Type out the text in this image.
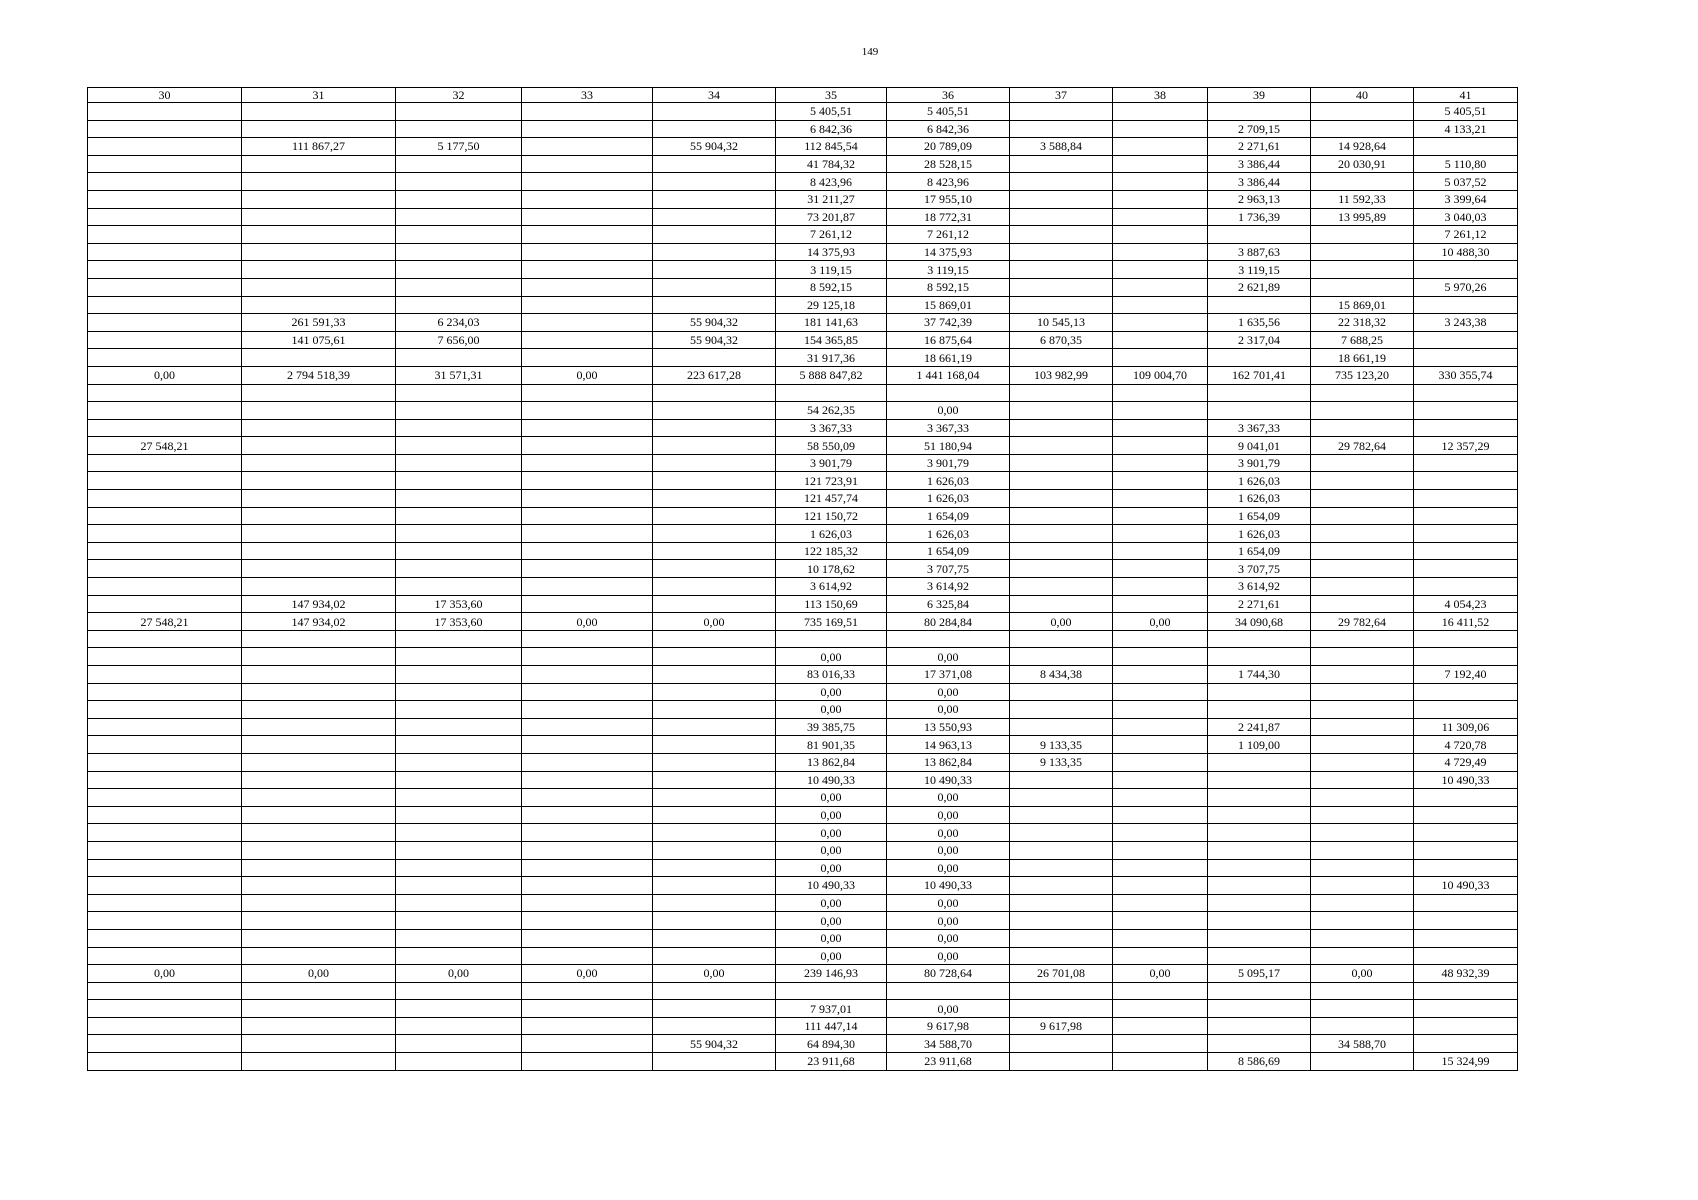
149
30	31	32	33	34	35	36	37	38	39	40	41
					5 405,51	5 405,51					5 405,51
					6 842,36	6 842,36			2 709,15		4 133,21
	111 867,27	5 177,50		55 904,32	112 845,54	20 789,09	3 588,84		2 271,61	14 928,64	
					41 784,32	28 528,15			3 386,44	20 030,91	5 110,80
					8 423,96	8 423,96			3 386,44		5 037,52
					31 211,27	17 955,10			2 963,13	11 592,33	3 399,64
					73 201,87	18 772,31			1 736,39	13 995,89	3 040,03
					7 261,12	7 261,12					7 261,12
					14 375,93	14 375,93			3 887,63		10 488,30
					3 119,15	3 119,15			3 119,15		
					8 592,15	8 592,15			2 621,89		5 970,26
					29 125,18	15 869,01				15 869,01	
	261 591,33	6 234,03		55 904,32	181 141,63	37 742,39	10 545,13		1 635,56	22 318,32	3 243,38
	141 075,61	7 656,00		55 904,32	154 365,85	16 875,64	6 870,35		2 317,04	7 688,25	
					31 917,36	18 661,19				18 661,19	
0,00	2 794 518,39	31 571,31	0,00	223 617,28	5 888 847,82	1 441 168,04	103 982,99	109 004,70	162 701,41	735 123,20	330 355,74

					54 262,35	0,00					
					3 367,33	3 367,33			3 367,33		
27 548,21					58 550,09	51 180,94			9 041,01	29 782,64	12 357,29
					3 901,79	3 901,79			3 901,79		
					121 723,91	1 626,03			1 626,03		
					121 457,74	1 626,03			1 626,03		
					121 150,72	1 654,09			1 654,09		
					1 626,03	1 626,03			1 626,03		
					122 185,32	1 654,09			1 654,09		
					10 178,62	3 707,75			3 707,75		
					3 614,92	3 614,92			3 614,92		
	147 934,02	17 353,60			113 150,69	6 325,84			2 271,61		4 054,23
27 548,21	147 934,02	17 353,60	0,00	0,00	735 169,51	80 284,84	0,00	0,00	34 090,68	29 782,64	16 411,52

					0,00	0,00					
					83 016,33	17 371,08	8 434,38		1 744,30		7 192,40
					0,00	0,00					
					0,00	0,00					
					39 385,75	13 550,93			2 241,87		11 309,06
					81 901,35	14 963,13	9 133,35		1 109,00		4 720,78
					13 862,84	13 862,84	9 133,35				4 729,49
					10 490,33	10 490,33					10 490,33
					0,00	0,00					
					0,00	0,00					
					0,00	0,00					
					0,00	0,00					
					0,00	0,00					
					10 490,33	10 490,33					10 490,33
					0,00	0,00					
					0,00	0,00					
					0,00	0,00					
					0,00	0,00					
0,00	0,00	0,00	0,00	0,00	239 146,93	80 728,64	26 701,08	0,00	5 095,17	0,00	48 932,39

					7 937,01	0,00					
					111 447,14	9 617,98	9 617,98				
				55 904,32	64 894,30	34 588,70				34 588,70	
					23 911,68	23 911,68			8 586,69		15 324,99
